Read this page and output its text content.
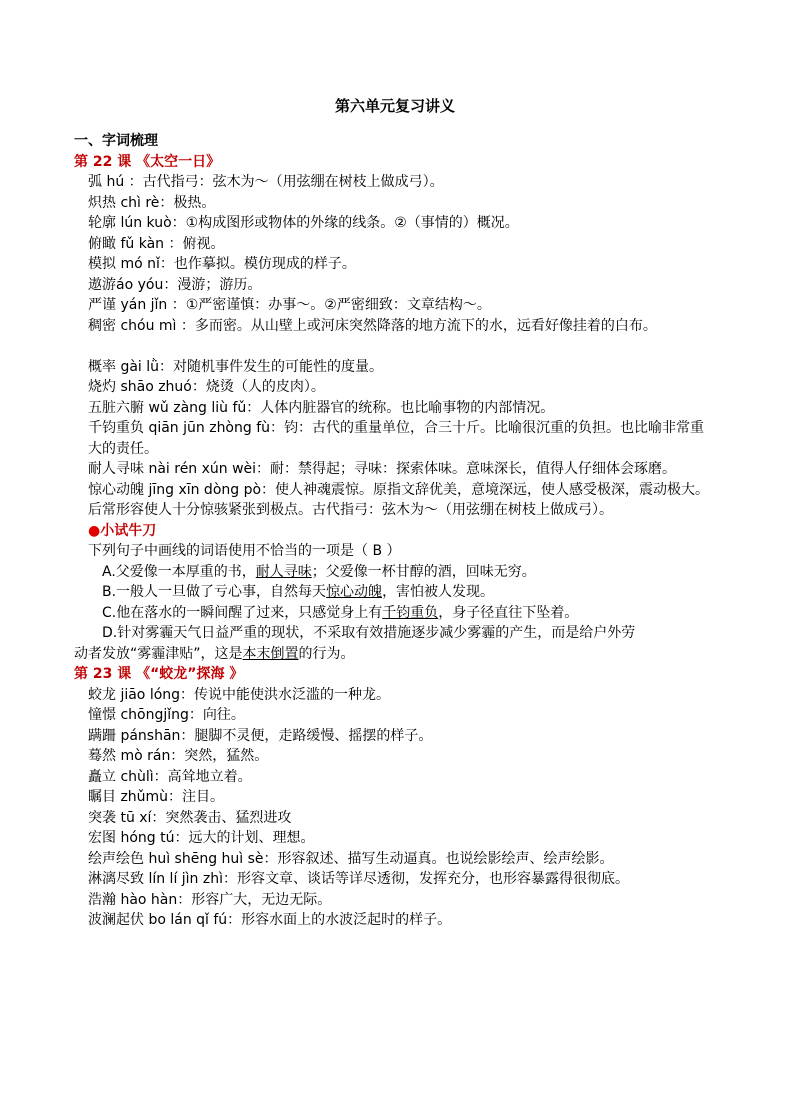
第六单元复习讲义
一、字词梳理
第 22 课 《太空一日》
弧 hú ：古代指弓：弦木为～（用弦绷在树枝上做成弓）。
炽热 chì rè：极热。
轮廓 lún kuò：①构成图形或物体的外缘的线条。②（事情的）概况。
俯瞰 fǔ kàn ：俯视。
模拟 mó nǐ：也作摹拟。模仿现成的样子。
遨游áo yóu：漫游；游历。
严谨 yán jǐn ：①严密谨慎：办事～。②严密细致：文章结构～。
稠密 chóu mì ：多而密。从山壁上或河床突然降落的地方流下的水，远看好像挂着的白布。
概率 gài lǜ：对随机事件发生的可能性的度量。
烧灼 shāo zhuó：烧烫（人的皮肉）。
五脏六腑 wǔ zàng liù fǔ：人体内脏器官的统称。也比喻事物的内部情况。
千钧重负 qiān jūn zhòng fù：钧：古代的重量单位，合三十斤。比喻很沉重的负担。也比喻非常重大的责任。
耐人寻味 nài rén xún wèi：耐：禁得起；寻味：探索体味。意味深长，值得人仔细体会琢磨。
惊心动魄 jīng xīn dòng pò：使人神魂震惊。原指文辞优美，意境深远，使人感受极深，震动极大。后常形容使人十分惊骇紧张到极点。古代指弓：弦木为～（用弦绷在树枝上做成弓）。
●小试牛刀
下列句子中画线的词语使用不恰当的一项是（ B ）
A.父爱像一本厚重的书，耐人寻味；父爱像一杯甘醇的酒，回味无穷。
B.一般人一旦做了亏心事，自然每天惊心动魄，害怕被人发现。
C.他在落水的一瞬间醒了过来，只感觉身上有千钧重负，身子径直往下坠着。
D.针对雾霾天气日益严重的现状，不采取有效措施逐步减少雾霾的产生，而是给户外劳
动者发放“雾霾津贴”，这是本末倒置的行为。
第 23 课 《“蛟龙”探海 》
蛟龙 jiāo lóng：传说中能使洪水泛滥的一种龙。
憧憬 chōngjǐng：向往。
蹒跚 pánshān：腿脚不灵便，走路缓慢、摇摆的样子。
蓦然 mò rán：突然，猛然。
矗立 chùlì：高耸地立着。
瞩目 zhǔmù：注目。
突袭 tū xí：突然袭击、猛烈进攻
宏图 hóng tú：远大的计划、理想。
绘声绘色 huì shēng huì sè：形容叙述、描写生动逼真。也说绘影绘声、绘声绘影。
淋漓尽致 lín lí jìn zhì：形容文章、谈话等详尽透彻，发挥充分，也形容暴露得很彻底。
浩瀚 hào hàn：形容广大，无边无际。
波澜起伏 bo lán qǐ fú：形容水面上的水波泛起时的样子。
